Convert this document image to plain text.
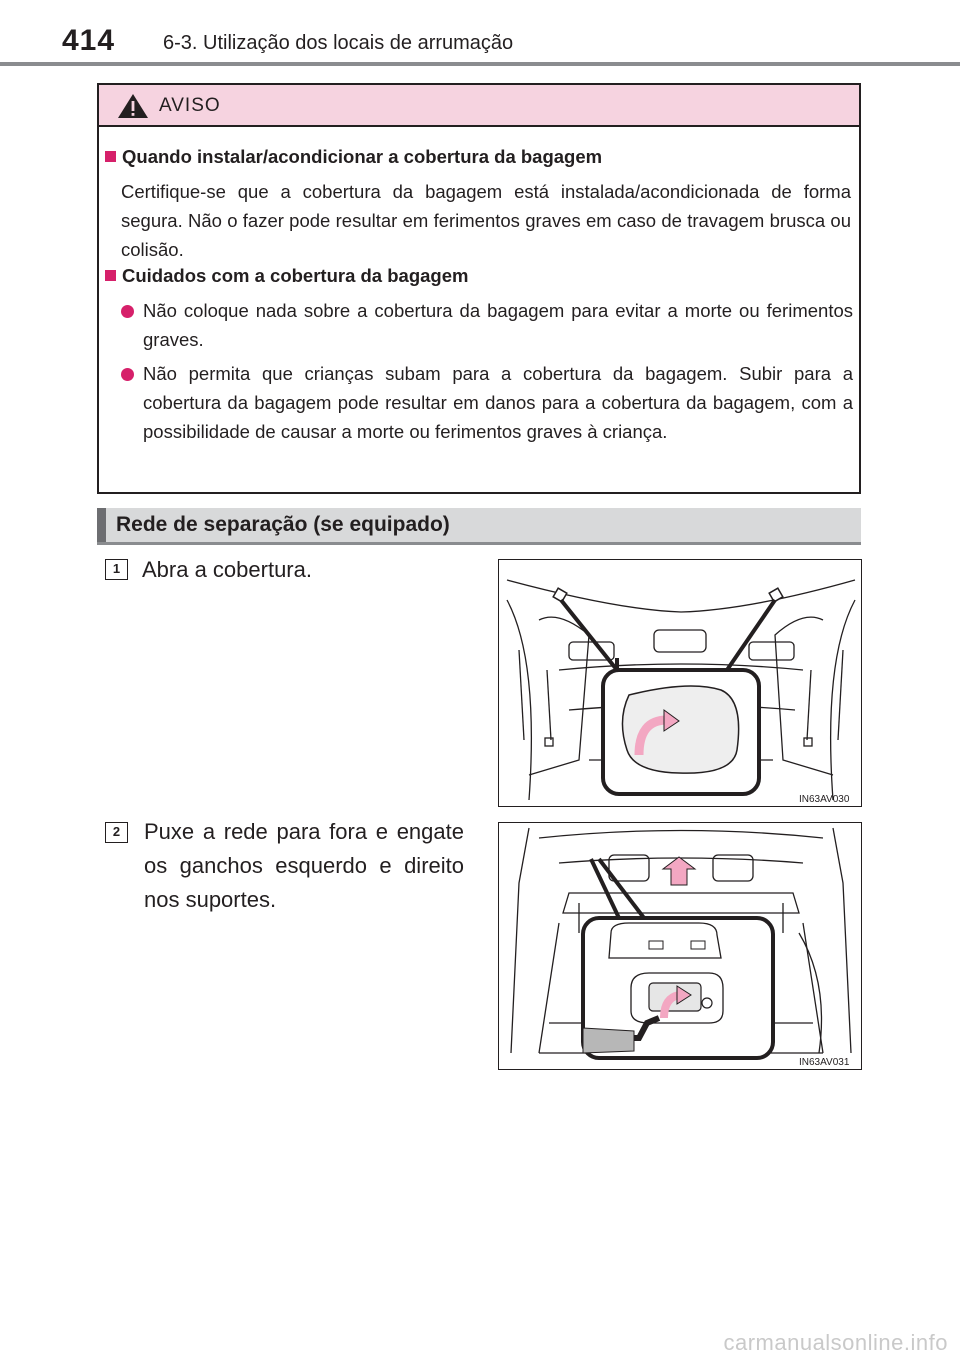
414 6-3. Utilização dos locais de arrumação
AVISO
Quando instalar/acondicionar a cobertura da bagagem
Certifique-se que a cobertura da bagagem está instalada/acondicionada de forma segura. Não o fazer pode resultar em ferimentos graves em caso de travagem brusca ou colisão.
Cuidados com a cobertura da bagagem
Não coloque nada sobre a cobertura da bagagem para evitar a morte ou ferimentos graves.
Não permita que crianças subam para a cobertura da bagagem. Subir para a cobertura da bagagem pode resultar em danos para a cobertura da bagagem, com a possibilidade de causar a morte ou ferimentos graves à criança.
Rede de separação (se equipado)
1 Abra a cobertura.
IN63AV030
2	Puxe a rede para fora e engate os ganchos esquerdo e direito nos suportes.
IN63AV031
carmanualsonline.info
